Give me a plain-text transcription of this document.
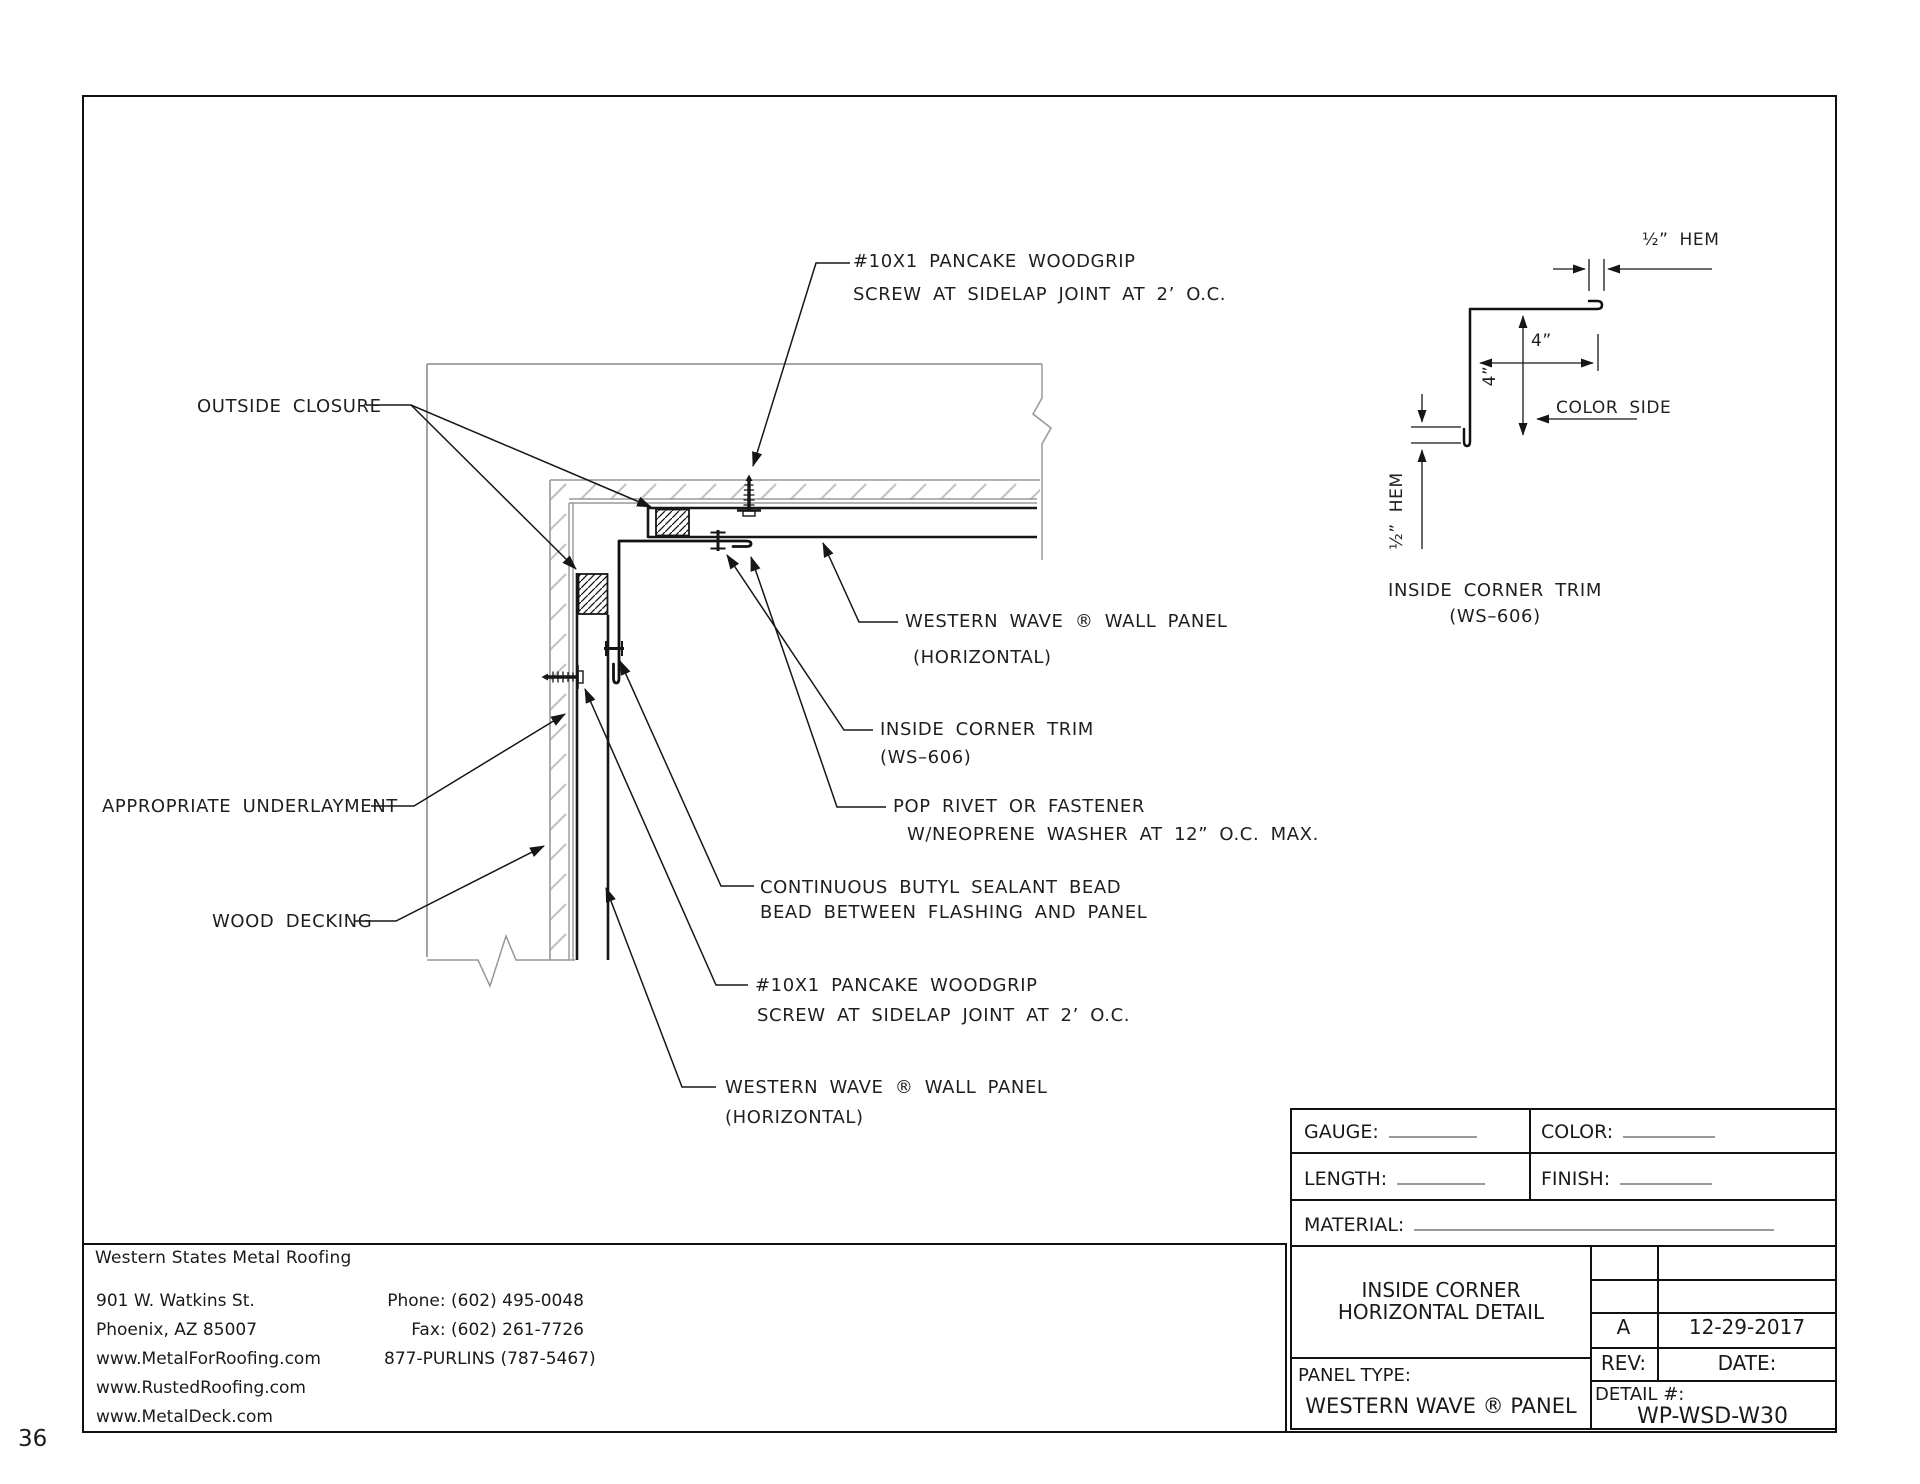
#10X1 PANCAKE WOODGRIP
SCREW AT SIDELAP JOINT AT 2’ O.C.
OUTSIDE CLOSURE
APPROPRIATE UNDERLAYMENT
WOOD DECKING
WESTERN WAVE ® WALL PANEL
(HORIZONTAL)
INSIDE CORNER TRIM
(WS–606)
POP RIVET OR FASTENER
W/NEOPRENE WASHER AT 12” O.C. MAX.
CONTINUOUS BUTYL SEALANT BEAD
BEAD BETWEEN FLASHING AND PANEL
#10X1 PANCAKE WOODGRIP
SCREW AT SIDELAP JOINT AT 2’ O.C.
WESTERN WAVE ® WALL PANEL
(HORIZONTAL)
½” HEM
4”
4”
COLOR SIDE
½” HEM
INSIDE CORNER TRIM
(WS–606)
GAUGE:	COLOR:
LENGTH:	FINISH:
MATERIAL:
INSIDE CORNER
HORIZONTAL DETAIL
PANEL TYPE:
WESTERN WAVE ® PANEL
A	12-29-2017
REV:	DATE:
DETAIL #:
WP-WSD-W30
Western States Metal Roofing
901 W. Watkins St.
Phoenix, AZ 85007
www.MetalForRoofing.com
www.RustedRoofing.com
www.MetalDeck.com
Phone: (602) 495-0048
Fax: (602) 261-7726
877-PURLINS (787-5467)
36
